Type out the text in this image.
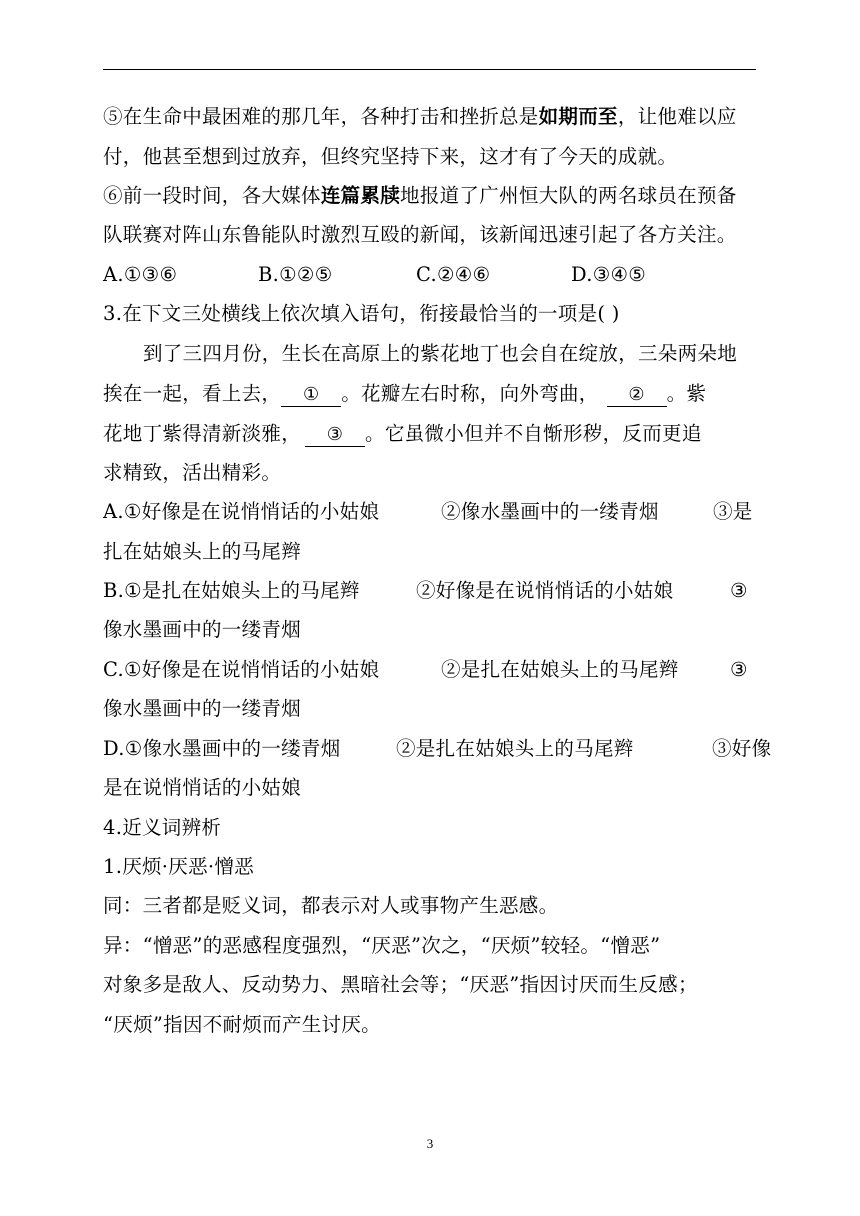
⑤在生命中最困难的那几年，各种打击和挫折总是如期而至，让他难以应
付，他甚至想到过放弃，但终究坚持下来，这才有了今天的成就。
⑥前一段时间，各大媒体连篇累牍地报道了广州恒大队的两名球员在预备
队联赛对阵山东鲁能队时激烈互殴的新闻，该新闻迅速引起了各方关注。
A.①③⑥	B.①②⑤	C.②④⑥	D.③④⑤
3.在下文三处横线上依次填入语句，衔接最恰当的一项是( )
到了三四月份，生长在高原上的紫花地丁也会自在绽放，三朵两朵地
挨在一起，看上去， ① 。花瓣左右时称，向外弯曲， ② 。紫
花地丁紫得清新淡雅， ③ 。它虽微小但并不自惭形秽，反而更追
求精致，活出精彩。
A.①好像是在说悄悄话的小姑娘	②像水墨画中的一缕青烟	③是
扎在姑娘头上的马尾辫
B.①是扎在姑娘头上的马尾辫	②好像是在说悄悄话的小姑娘	③
像水墨画中的一缕青烟
C.①好像是在说悄悄话的小姑娘	②是扎在姑娘头上的马尾辫	③
像水墨画中的一缕青烟
D.①像水墨画中的一缕青烟	②是扎在姑娘头上的马尾辫	③好像
是在说悄悄话的小姑娘
4.近义词辨析
1.厌烦·厌恶·憎恶
同：三者都是贬义词，都表示对人或事物产生恶感。
异：“憎恶”的恶感程度强烈，“厌恶”次之，“厌烦”较轻。“憎恶”
对象多是敌人、反动势力、黑暗社会等；“厌恶”指因讨厌而生反感；
“厌烦”指因不耐烦而产生讨厌。
3
